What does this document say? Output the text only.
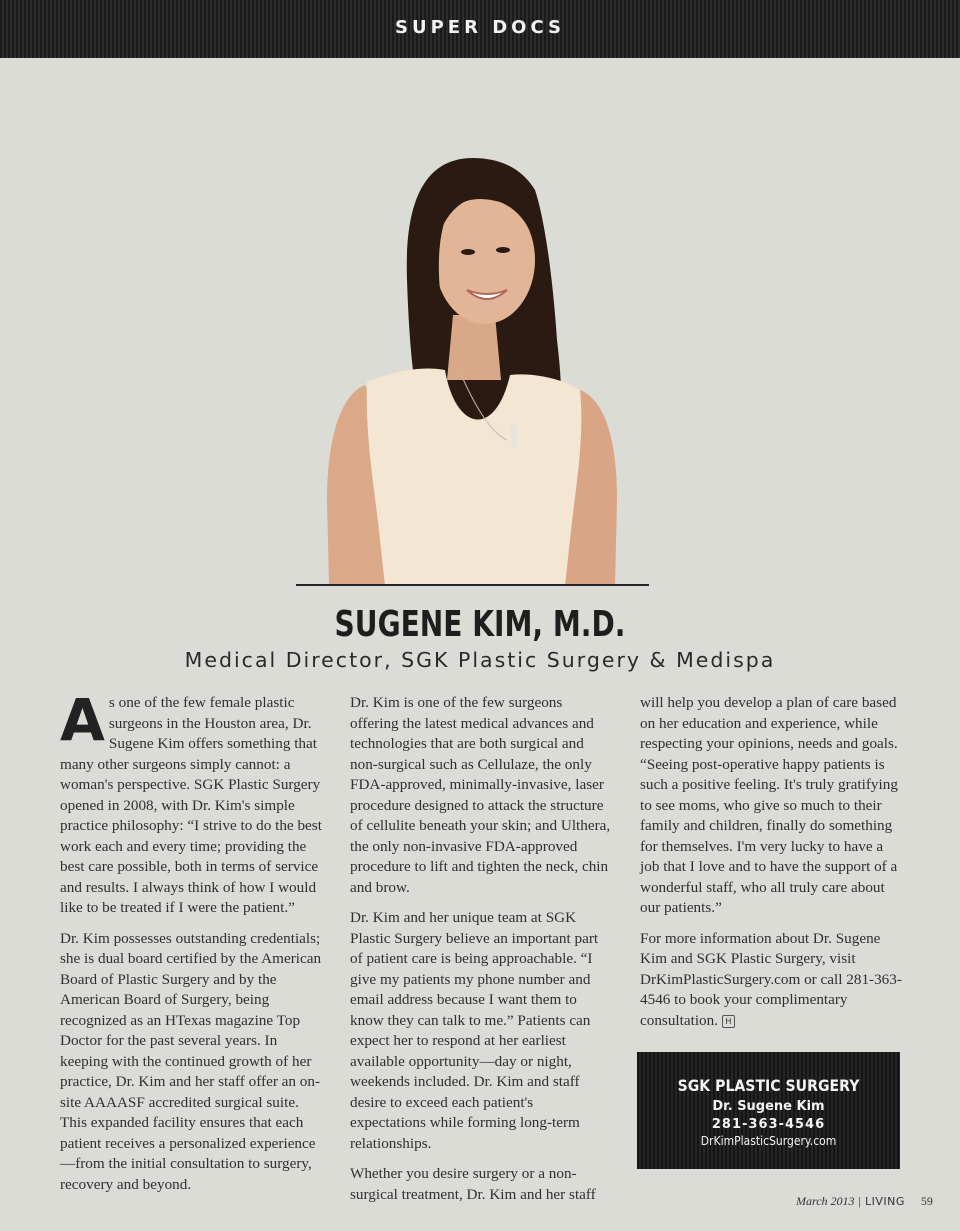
SUPER DOCS
SUGENE KIM, M.D.
Medical Director, SGK Plastic Surgery & Medispa

As one of the few female plastic surgeons in the Houston area, Dr. Sugene Kim offers something that many other surgeons simply cannot: a woman's perspective. SGK Plastic Surgery opened in 2008, with Dr. Kim's simple practice philosophy: “I strive to do the best work each and every time; providing the best care possible, both in terms of service and results. I always think of how I would like to be treated if I were the patient.”

Dr. Kim possesses outstanding credentials; she is dual board certified by the American Board of Plastic Surgery and by the American Board of Surgery, being recognized as an HTexas magazine Top Doctor for the past several years. In keeping with the continued growth of her practice, Dr. Kim and her staff offer an on-site AAAASF accredited surgical suite. This expanded facility ensures that each patient receives a personalized experience—from the initial consultation to surgery, recovery and beyond.

Dr. Kim is one of the few surgeons offering the latest medical advances and technologies that are both surgical and non-surgical such as Cellulaze, the only FDA-approved, minimally-invasive, laser procedure designed to attack the structure of cellulite beneath your skin; and Ulthera, the only non-invasive FDA-approved procedure to lift and tighten the neck, chin and brow.

Dr. Kim and her unique team at SGK Plastic Surgery believe an important part of patient care is being approachable. “I give my patients my phone number and email address because I want them to know they can talk to me.” Patients can expect her to respond at her earliest available opportunity—day or night, weekends included. Dr. Kim and staff desire to exceed each patient's expectations while forming long-term relationships.

Whether you desire surgery or a non-surgical treatment, Dr. Kim and her staff

will help you develop a plan of care based on her education and experience, while respecting your opinions, needs and goals. “Seeing post-operative happy patients is such a positive feeling. It's truly gratifying to see moms, who give so much to their family and children, finally do something for themselves. I'm very lucky to have a job that I love and to have the support of a wonderful staff, who all truly care about our patients.”

For more information about Dr. Sugene Kim and SGK Plastic Surgery, visit DrKimPlasticSurgery.com or call 281-363-4546 to book your complimentary consultation. H

SGK PLASTIC SURGERY
Dr. Sugene Kim
281-363-4546
DrKimPlasticSurgery.com
March 2013 | LIVING 59
